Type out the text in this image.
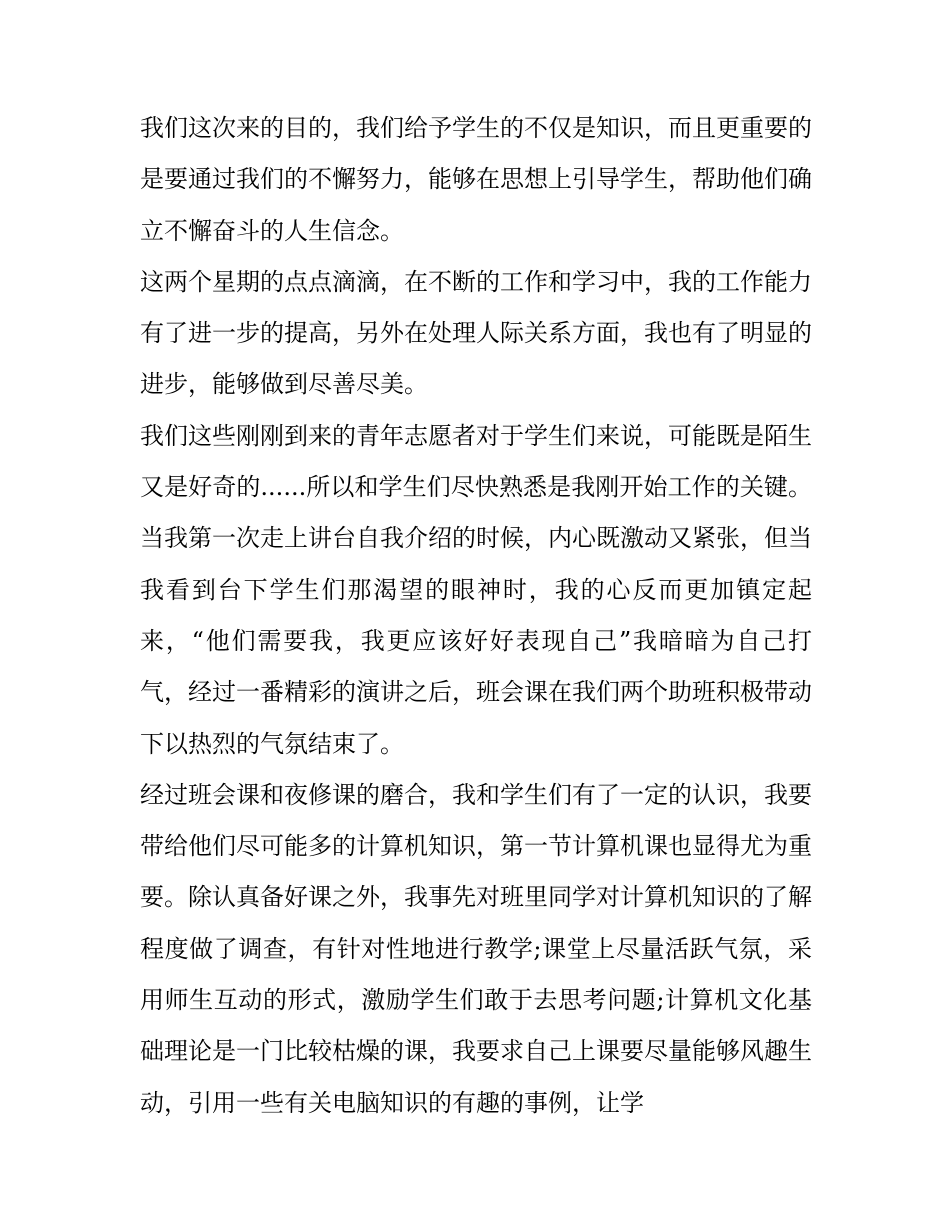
我们这次来的目的，我们给予学生的不仅是知识，而且更重要的是要通过我们的不懈努力，能够在思想上引导学生，帮助他们确立不懈奋斗的人生信念。

这两个星期的点点滴滴，在不断的工作和学习中，我的工作能力有了进一步的提高，另外在处理人际关系方面，我也有了明显的进步，能够做到尽善尽美。

我们这些刚刚到来的青年志愿者对于学生们来说，可能既是陌生又是好奇的......所以和学生们尽快熟悉是我刚开始工作的关键。当我第一次走上讲台自我介绍的时候，内心既激动又紧张，但当我看到台下学生们那渴望的眼神时，我的心反而更加镇定起来，“他们需要我，我更应该好好表现自己”我暗暗为自己打气，经过一番精彩的演讲之后，班会课在我们两个助班积极带动下以热烈的气氛结束了。

经过班会课和夜修课的磨合，我和学生们有了一定的认识，我要带给他们尽可能多的计算机知识，第一节计算机课也显得尤为重要。除认真备好课之外，我事先对班里同学对计算机知识的了解程度做了调查，有针对性地进行教学;课堂上尽量活跃气氛，采用师生互动的形式，激励学生们敢于去思考问题;计算机文化基础理论是一门比较枯燥的课，我要求自己上课要尽量能够风趣生动，引用一些有关电脑知识的有趣的事例，让学
